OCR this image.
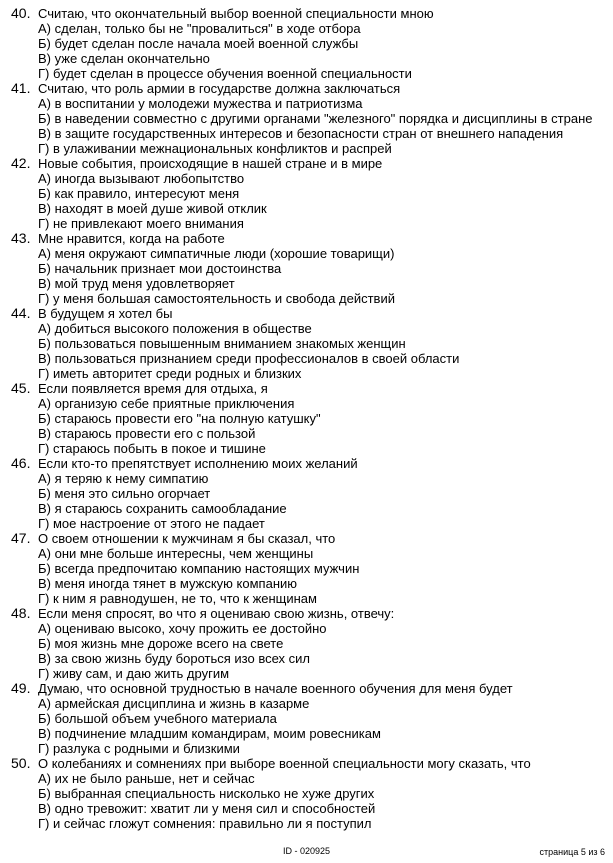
40. Считаю, что окончательный выбор военной специальности мною
А) сделан, только бы не "провалиться" в ходе отбора
Б) будет сделан после начала моей военной службы
В) уже сделан окончательно
Г) будет сделан в процессе обучения военной специальности
41. Считаю, что роль армии в государстве должна заключаться
А) в воспитании у молодежи мужества и патриотизма
Б) в наведении совместно с другими органами "железного" порядка и дисциплины в стране
В) в защите государственных интересов и безопасности стран от внешнего нападения
Г) в улаживании межнациональных конфликтов и распрей
42. Новые события, происходящие в нашей стране и в мире
А) иногда вызывают любопытство
Б) как правило, интересуют меня
В) находят в моей душе живой отклик
Г) не привлекают моего внимания
43. Мне нравится, когда на работе
А) меня окружают симпатичные люди (хорошие товарищи)
Б) начальник признает мои достоинства
В) мой труд меня удовлетворяет
Г) у меня большая самостоятельность и свобода действий
44. В будущем я хотел бы
А) добиться высокого положения в обществе
Б) пользоваться повышенным вниманием знакомых женщин
В) пользоваться признанием среди профессионалов в своей области
Г) иметь авторитет среди родных и близких
45. Если появляется время для отдыха, я
А) организую себе приятные приключения
Б) стараюсь провести его "на полную катушку"
В) стараюсь провести его с пользой
Г) стараюсь побыть в покое и тишине
46. Если кто-то препятствует исполнению моих желаний
А) я теряю к нему симпатию
Б) меня это сильно огорчает
В) я стараюсь сохранить самообладание
Г) мое настроение от этого не падает
47. О своем отношении к мужчинам я бы сказал, что
А) они мне больше интересны, чем женщины
Б) всегда предпочитаю компанию настоящих мужчин
В) меня иногда тянет в мужскую компанию
Г) к ним я равнодушен, не то, что к женщинам
48. Если меня спросят, во что я оцениваю свою жизнь, отвечу:
А) оцениваю высоко, хочу прожить ее достойно
Б) моя жизнь мне дороже всего на свете
В) за свою жизнь буду бороться изо всех сил
Г) живу сам, и даю жить другим
49. Думаю, что основной трудностью в начале военного обучения для меня будет
А) армейская дисциплина и жизнь в казарме
Б) большой объем учебного материала
В) подчинение младшим командирам, моим ровесникам
Г) разлука с родными и близкими
50. О колебаниях и сомнениях при выборе военной специальности могу сказать, что
А) их не было раньше, нет и сейчас
Б) выбранная специальность нисколько не хуже других
В) одно тревожит: хватит ли у меня сил и способностей
Г) и сейчас гложут сомнения: правильно ли я поступил
ID - 020925	страница 5 из 6
